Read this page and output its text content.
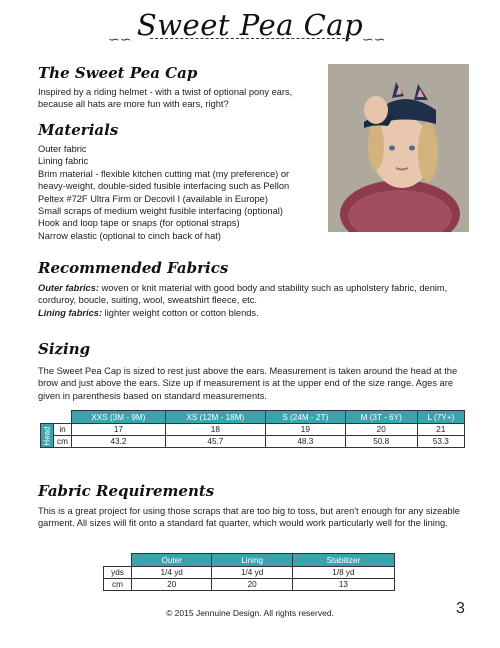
Sweet Pea Cap
∽∽	∽∽
The Sweet Pea Cap

Inspired by a riding helmet - with a twist of optional pony ears, because all hats are more fun with ears, right?

Materials
Outer fabric
Lining fabric
Brim material - flexible kitchen cutting mat (my preference) or
heavy-weight, double-sided fusible interfacing such as Pellon
Peltex #72F Ultra Firm or Decovil I (available in Europe)
Small scraps of medium weight fusible interfacing (optional)
Hook and loop tape or snaps (for optional straps)
Narrow elastic (optional to cinch back of hat)
Recommended Fabrics
Outer fabrics: woven or knit material with good body and stability such as upholstery fabric, denim, corduroy, boucle, suiting, wool, sweatshirt fleece, etc.
Lining fabrics: lighter weight cotton or cotton blends.
Sizing

The Sweet Pea Cap is sized to rest just above the ears. Measurement is taken around the head at the brow and just above the ears. Size up if measurement is at the upper end of the size range. Ages are given in parenthesis based on standard measurements.

		XXS (3M - 9M)	XS (12M - 18M)	S (24M - 2T)	M (3T - 6Y)	L (7Y+)

Head	in	17	18	19	20	21
	cm	43.2	45.7	48.3	50.8	53.3
Fabric Requirements

This is a great project for using those scraps that are too big to toss, but aren't enough for any sizeable garment. All sizes will fit onto a standard fat quarter, which would work particularly well for the lining.

	Outer	Lining	Stabilizer
yds	1/4 yd	1/4 yd	1/8 yd
cm	20	20	13
© 2015 Jennuine Design. All rights reserved.	3
